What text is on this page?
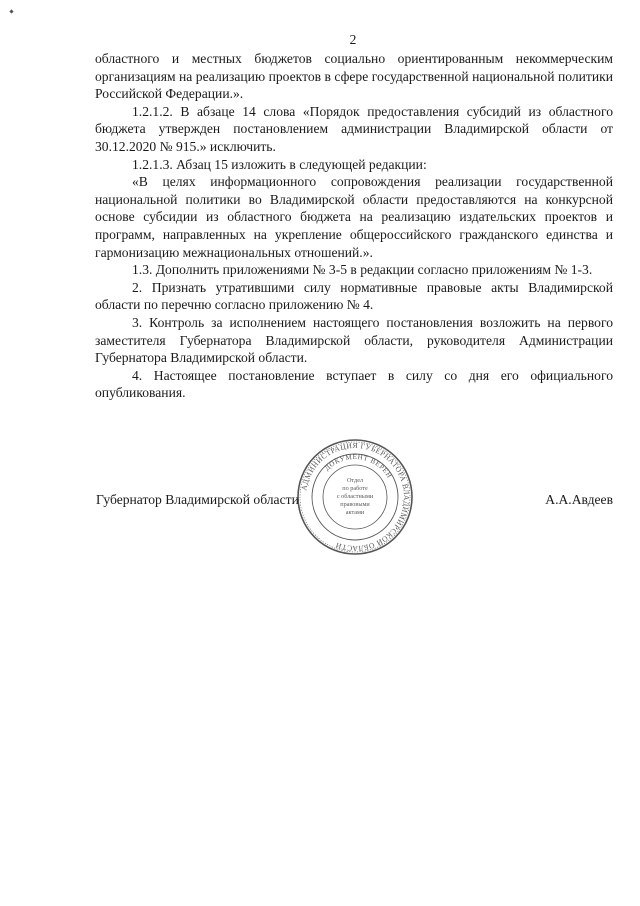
2

областного и местных бюджетов социально ориентированным некоммерческим организациям на реализацию проектов в сфере государственной национальной политики Российской Федерации.».

1.2.1.2. В абзаце 14 слова «Порядок предоставления субсидий из областного бюджета утвержден постановлением администрации Владимирской области от 30.12.2020 № 915.» исключить.

1.2.1.3. Абзац 15 изложить в следующей редакции:

«В целях информационного сопровождения реализации государственной национальной политики во Владимирской области предоставляются на конкурсной основе субсидии из областного бюджета на реализацию издательских проектов и программ, направленных на укрепление общероссийского гражданского единства и гармонизацию межнациональных отношений.».

1.3. Дополнить приложениями № 3-5 в редакции согласно приложениям № 1-3.

2. Признать утратившими силу нормативные правовые акты Владимирской области по перечню согласно приложению № 4.

3. Контроль за исполнением настоящего постановления возложить на первого заместителя Губернатора Владимирской области, руководителя Администрации Губернатора Владимирской области.

4. Настоящее постановление вступает в силу со дня его официального опубликования.

Губернатор Владимирской области	А.А.Авдеев
АДМИНИСТРАЦИЯ ГУБЕРНАТОРА ВЛАДИМИРСКОЙ ОБЛАСТИ
ДОКУМЕНТ ВЕРЕН
Отдел
по работе
с областными
правовыми
актами
